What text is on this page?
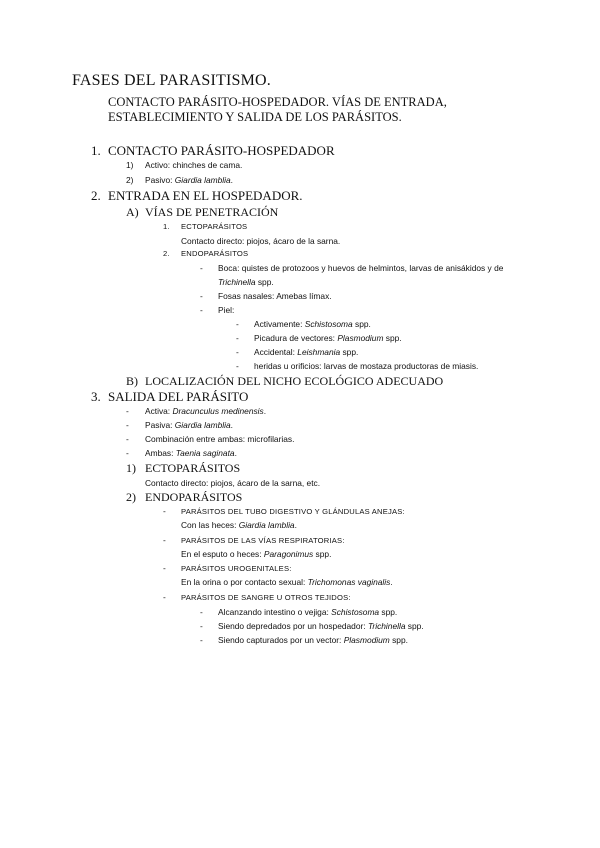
FASES DEL PARASITISMO.
CONTACTO PARÁSITO-HOSPEDADOR. VÍAS DE ENTRADA,
ESTABLECIMIENTO Y SALIDA DE LOS PARÁSITOS.
1. CONTACTO PARÁSITO-HOSPEDADOR
1) Activo: chinches de cama.
2) Pasivo: Giardia lamblia.
2. ENTRADA EN EL HOSPEDADOR.
A) VÍAS DE PENETRACIÓN
1. ECTOPARÁSITOS
Contacto directo: piojos, ácaro de la sarna.
2. ENDOPARÁSITOS
- Boca: quistes de protozoos y huevos de helmintos, larvas de anisákidos y de
Trichinella spp.
- Fosas nasales: Amebas límax.
- Piel:
- Activamente: Schistosoma spp.
- Picadura de vectores: Plasmodium spp.
- Accidental: Leishmania spp.
- heridas u orificios: larvas de mostaza productoras de miasis.
B) LOCALIZACIÓN DEL NICHO ECOLÓGICO ADECUADO
3. SALIDA DEL PARÁSITO
- Activa: Dracunculus medinensis.
- Pasiva: Giardia lamblia.
- Combinación entre ambas: microfilarias.
- Ambas: Taenia saginata.
1) ECTOPARÁSITOS
Contacto directo: piojos, ácaro de la sarna, etc.
2) ENDOPARÁSITOS
- PARÁSITOS DEL TUBO DIGESTIVO Y GLÁNDULAS ANEJAS:
Con las heces: Giardia lamblia.
- PARÁSITOS DE LAS VÍAS RESPIRATORIAS:
En el esputo o heces: Paragonimus spp.
- PARÁSITOS UROGENITALES:
En la orina o por contacto sexual: Trichomonas vaginalis.
- PARÁSITOS DE SANGRE U OTROS TEJIDOS:
- Alcanzando intestino o vejiga: Schistosoma spp.
- Siendo depredados por un hospedador: Trichinella spp.
- Siendo capturados por un vector: Plasmodium spp.
